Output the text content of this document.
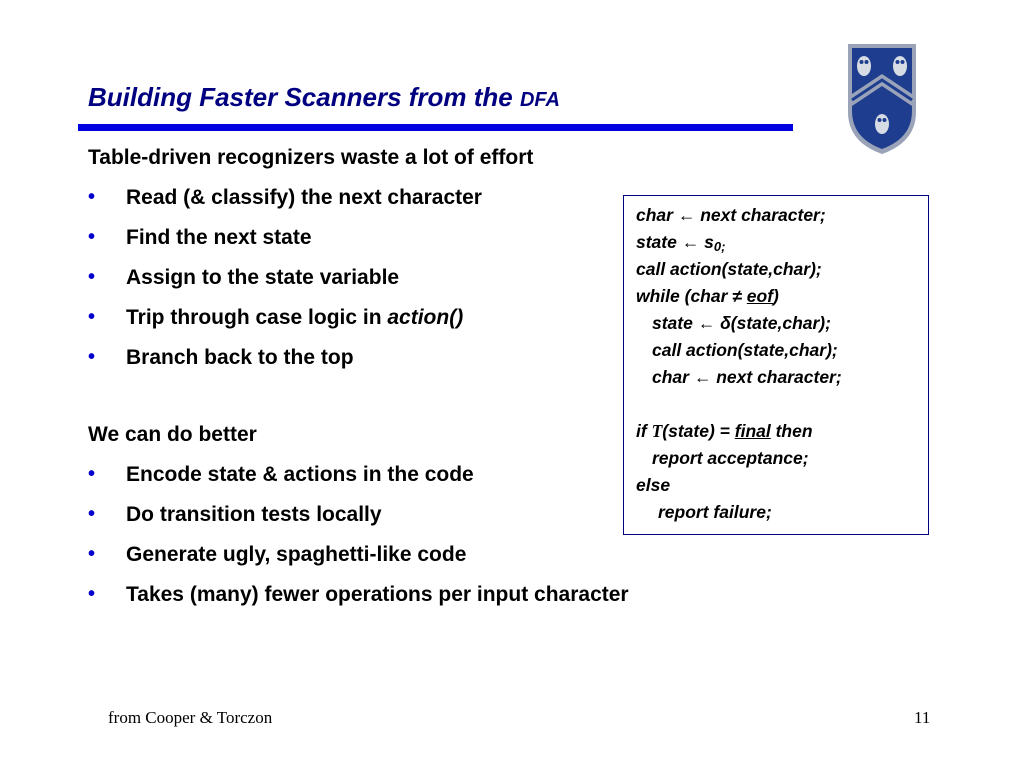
Building Faster Scanners from the DFA
Table-driven recognizers waste a lot of effort
• Read (& classify) the next character
• Find the next state
• Assign to the state variable
• Trip through case logic in action()
• Branch back to the top
We can do better
• Encode state & actions in the code
• Do transition tests locally
• Generate ugly, spaghetti-like code
• Takes (many) fewer operations per input character
char ← next character;
state ← $s_{0;}$
call action(state,char);
while (char ≠ eof)
state ← δ(state,char);
call action(state,char);
char ← next character;
if T(state) = final then
report acceptance;
else
report failure;
from Cooper & Torczon	11
